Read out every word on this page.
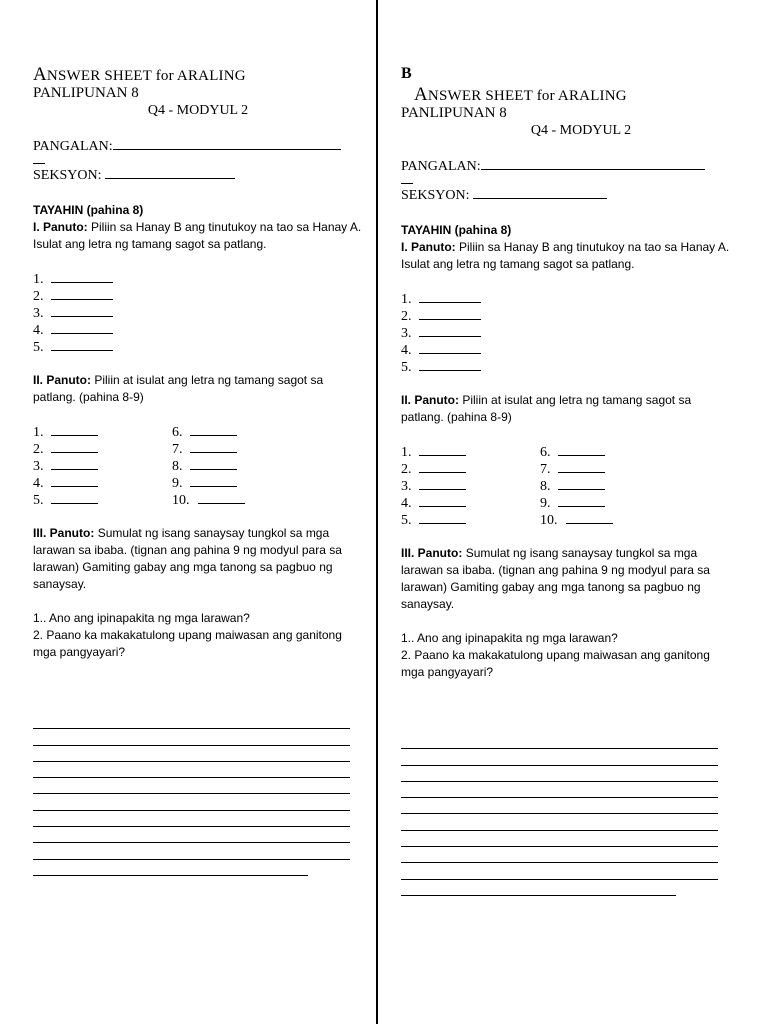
ANSWER SHEET for ARALING
PANLIPUNAN 8
Q4 - MODYUL 2
PANGALAN:
SEKSYON:
TAYAHIN (pahina 8)
I. Panuto: Piliin sa Hanay B ang tinutukoy na tao sa Hanay A. Isulat ang letra ng tamang sagot sa patlang.
1.
2.
3.
4.
5.
II. Panuto: Piliin at isulat ang letra ng tamang sagot sa patlang. (pahina 8-9)
1.
2.
3.
4.
5.
6.
7.
8.
9.
10.
III. Panuto: Sumulat ng isang sanaysay tungkol sa mga larawan sa ibaba. (tignan ang pahina 9 ng modyul para sa larawan) Gamiting gabay ang mga tanong sa pagbuo ng sanaysay.
1.. Ano ang ipinapakita ng mga larawan?
2. Paano ka makakatulong upang maiwasan ang ganitong mga pangyayari?
B
ANSWER SHEET for ARALING
PANLIPUNAN 8
Q4 - MODYUL 2
PANGALAN:
SEKSYON:
TAYAHIN (pahina 8)
I. Panuto: Piliin sa Hanay B ang tinutukoy na tao sa Hanay A. Isulat ang letra ng tamang sagot sa patlang.
1.
2.
3.
4.
5.
II. Panuto: Piliin at isulat ang letra ng tamang sagot sa patlang. (pahina 8-9)
1.
2.
3.
4.
5.
6.
7.
8.
9.
10.
III. Panuto: Sumulat ng isang sanaysay tungkol sa mga larawan sa ibaba. (tignan ang pahina 9 ng modyul para sa larawan) Gamiting gabay ang mga tanong sa pagbuo ng sanaysay.
1.. Ano ang ipinapakita ng mga larawan?
2. Paano ka makakatulong upang maiwasan ang ganitong mga pangyayari?
